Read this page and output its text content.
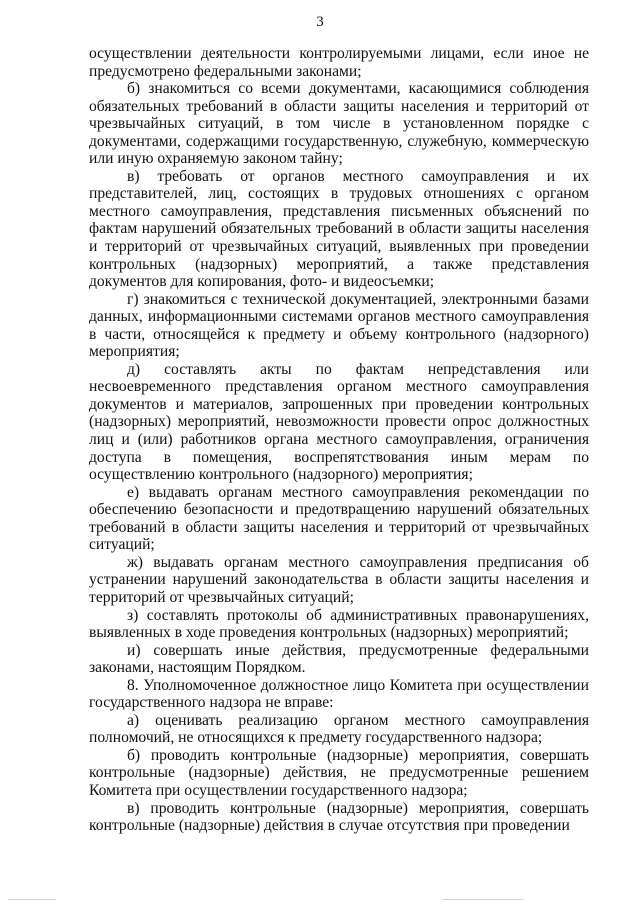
3

осуществлении деятельности контролируемыми лицами, если иное не предусмотрено федеральными законами;

б) знакомиться со всеми документами, касающимися соблюдения обязательных требований в области защиты населения и территорий от чрезвычайных ситуаций, в том числе в установленном порядке с документами, содержащими государственную, служебную, коммерческую или иную охраняемую законом тайну;

в) требовать от органов местного самоуправления и их представителей, лиц, состоящих в трудовых отношениях с органом местного самоуправления, представления письменных объяснений по фактам нарушений обязательных требований в области защиты населения и территорий от чрезвычайных ситуаций, выявленных при проведении контрольных (надзорных) мероприятий, а также представления документов для копирования, фото- и видеосъемки;

г) знакомиться с технической документацией, электронными базами данных, информационными системами органов местного самоуправления в части, относящейся к предмету и объему контрольного (надзорного) мероприятия;

д) составлять акты по фактам непредставления или несвоевременного представления органом местного самоуправления документов и материалов, запрошенных при проведении контрольных (надзорных) мероприятий, невозможности провести опрос должностных лиц и (или) работников органа местного самоуправления, ограничения доступа в помещения, воспрепятствования иным мерам по осуществлению контрольного (надзорного) мероприятия;

е) выдавать органам местного самоуправления рекомендации по обеспечению безопасности и предотвращению нарушений обязательных требований в области защиты населения и территорий от чрезвычайных ситуаций;

ж) выдавать органам местного самоуправления предписания об устранении нарушений законодательства в области защиты населения и территорий от чрезвычайных ситуаций;

з) составлять протоколы об административных правонарушениях, выявленных в ходе проведения контрольных (надзорных) мероприятий;

и) совершать иные действия, предусмотренные федеральными законами, настоящим Порядком.

8. Уполномоченное должностное лицо Комитета при осуществлении государственного надзора не вправе:

а) оценивать реализацию органом местного самоуправления полномочий, не относящихся к предмету государственного надзора;

б) проводить контрольные (надзорные) мероприятия, совершать контрольные (надзорные) действия, не предусмотренные решением Комитета при осуществлении государственного надзора;

в) проводить контрольные (надзорные) мероприятия, совершать контрольные (надзорные) действия в случае отсутствия при проведении
